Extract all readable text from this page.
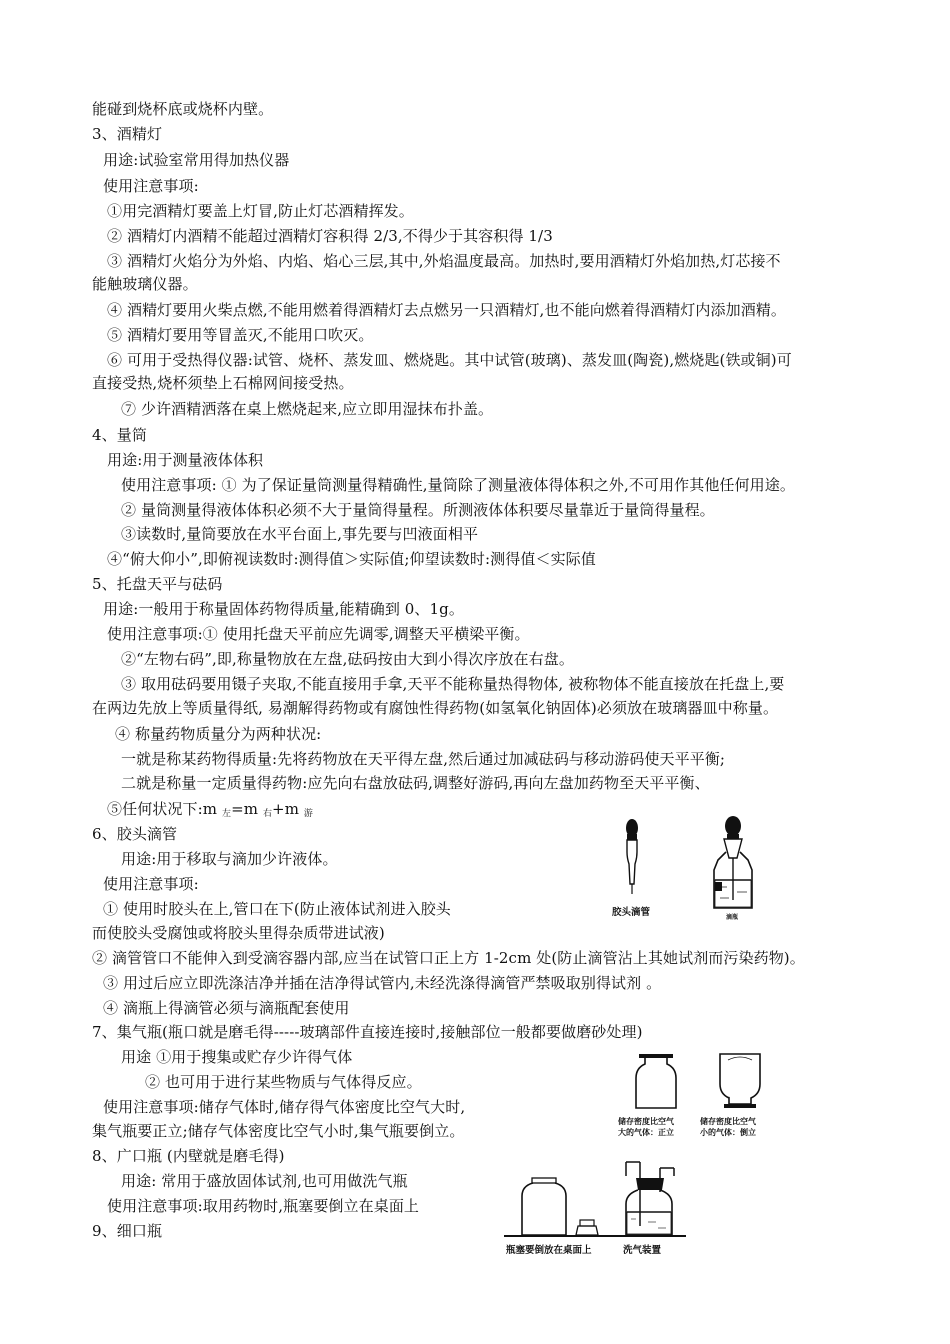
能碰到烧杯底或烧杯内壁。
3、酒精灯
用途:试验室常用得加热仪器
使用注意事项:
①用完酒精灯要盖上灯冒,防止灯芯酒精挥发。
② 酒精灯内酒精不能超过酒精灯容积得 2/3,不得少于其容积得 1/3
③ 酒精灯火焰分为外焰、内焰、焰心三层,其中,外焰温度最高。加热时,要用酒精灯外焰加热,灯芯接不
能触玻璃仪器。
④ 酒精灯要用火柴点燃,不能用燃着得酒精灯去点燃另一只酒精灯,也不能向燃着得酒精灯内添加酒精。
⑤ 酒精灯要用等冒盖灭,不能用口吹灭。
⑥ 可用于受热得仪器:试管、烧杯、蒸发皿、燃烧匙。其中试管(玻璃)、蒸发皿(陶瓷),燃烧匙(铁或铜)可
直接受热,烧杯须垫上石棉网间接受热。
⑦ 少许酒精洒落在桌上燃烧起来,应立即用湿抹布扑盖。
4、量筒
用途:用于测量液体体积
使用注意事项: ① 为了保证量筒测量得精确性,量筒除了测量液体得体积之外,不可用作其他任何用途。
② 量筒测量得液体体积必须不大于量筒得量程。所测液体体积要尽量靠近于量筒得量程。
③读数时,量筒要放在水平台面上,事先要与凹液面相平
④“俯大仰小”,即俯视读数时:测得值＞实际值;仰望读数时:测得值＜实际值
5、托盘天平与砝码
用途:一般用于称量固体药物得质量,能精确到 0、1g。
使用注意事项:① 使用托盘天平前应先调零,调整天平横梁平衡。
②“左物右码”,即,称量物放在左盘,砝码按由大到小得次序放在右盘。
③ 取用砝码要用镊子夹取,不能直接用手拿,天平不能称量热得物体, 被称物体不能直接放在托盘上,要
在两边先放上等质量得纸, 易潮解得药物或有腐蚀性得药物(如氢氧化钠固体)必须放在玻璃器皿中称量。
④ 称量药物质量分为两种状况:
一就是称某药物得质量:先将药物放在天平得左盘,然后通过加减砝码与移动游码使天平平衡;
二就是称量一定质量得药物:应先向右盘放砝码,调整好游码,再向左盘加药物至天平平衡、
⑤任何状况下:m $_左$=m $_右$+m $_游$
6、胶头滴管
用途:用于移取与滴加少许液体。
使用注意事项:
① 使用时胶头在上,管口在下(防止液体试剂进入胶头
而使胶头受腐蚀或将胶头里得杂质带进试液)
② 滴管管口不能伸入到受滴容器内部,应当在试管口正上方 1-2cm 处(防止滴管沾上其她试剂而污染药物)。
③ 用过后应立即洗涤洁净并插在洁净得试管内,未经洗涤得滴管严禁吸取别得试剂 。
④ 滴瓶上得滴管必须与滴瓶配套使用
7、集气瓶(瓶口就是磨毛得-----玻璃部件直接连接时,接触部位一般都要做磨砂处理)
用途 ①用于搜集或贮存少许得气体
② 也可用于进行某些物质与气体得反应。
使用注意事项:储存气体时,储存得气体密度比空气大时,
集气瓶要正立;储存气体密度比空气小时,集气瓶要倒立。
8、广口瓶 (内壁就是磨毛得)
用途: 常用于盛放固体试剂,也可用做洗气瓶
使用注意事项:取用药物时,瓶塞要倒立在桌面上
9、细口瓶
胶头滴管	滴瓶
储存密度比空气
大的气体：正立
储存密度比空气
小的气体：倒立
瓶塞要倒放在桌面上	洗气装置
